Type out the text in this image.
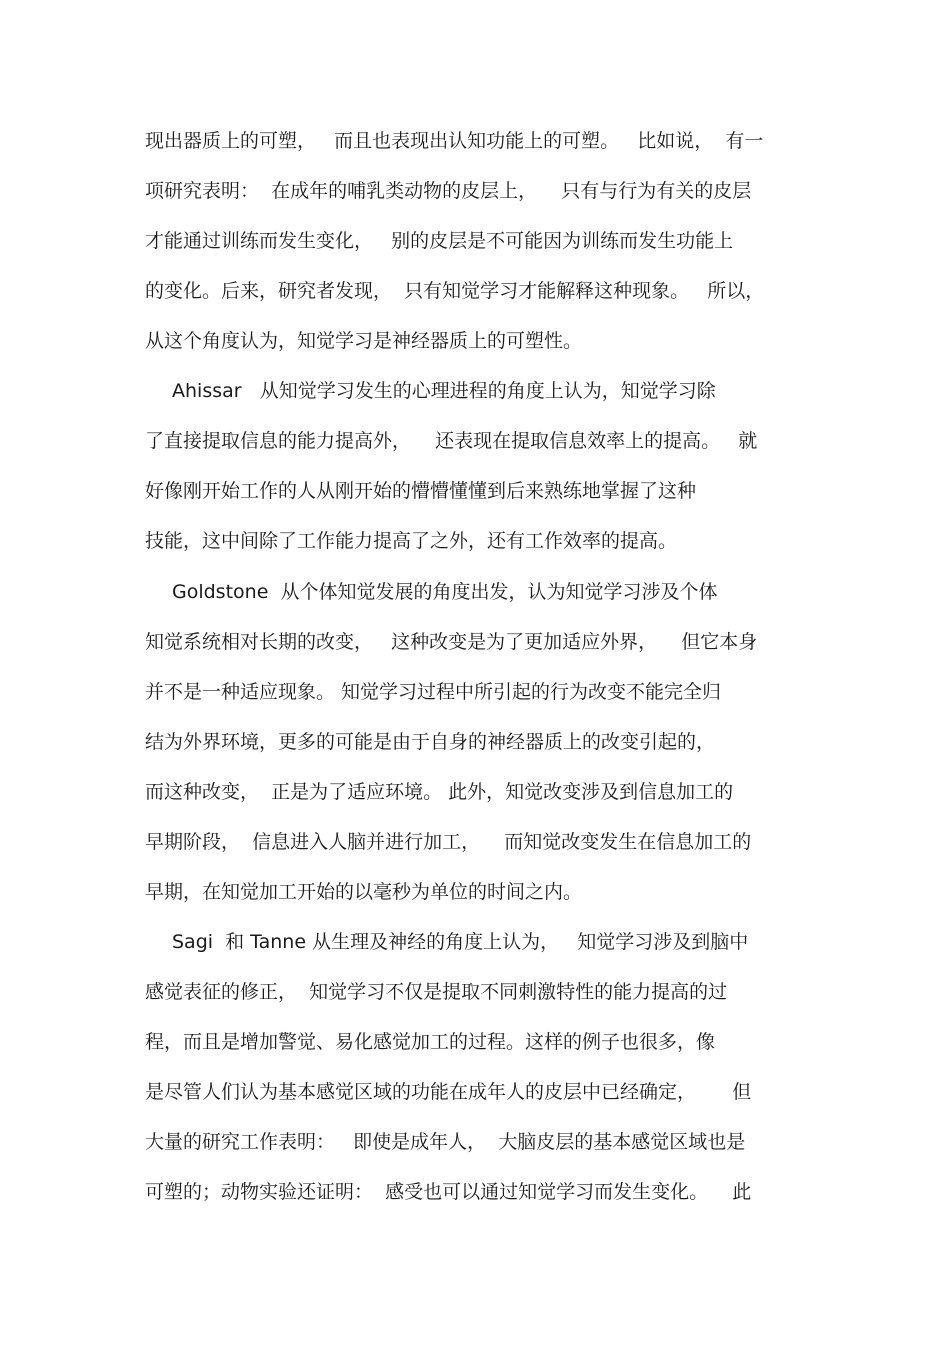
现出器质上的可塑，   而且也表现出认知功能上的可塑。   比如说，  有一
项研究表明：  在成年的哺乳类动物的皮层上，    只有与行为有关的皮层
才能通过训练而发生变化，   别的皮层是不可能因为训练而发生功能上
的变化。后来，研究者发现，  只有知觉学习才能解释这种现象。   所以，
从这个角度认为，知觉学习是神经器质上的可塑性。
Ahissar   从知觉学习发生的心理进程的角度上认为，知觉学习除
了直接提取信息的能力提高外，    还表现在提取信息效率上的提高。   就
好像刚开始工作的人从刚开始的懵懵懂懂到后来熟练地掌握了这种
技能，这中间除了工作能力提高了之外，还有工作效率的提高。
Goldstone  从个体知觉发展的角度出发，认为知觉学习涉及个体
知觉系统相对长期的改变，   这种改变是为了更加适应外界，    但它本身
并不是一种适应现象。 知觉学习过程中所引起的行为改变不能完全归
结为外界环境，更多的可能是由于自身的神经器质上的改变引起的，
而这种改变，  正是为了适应环境。 此外，知觉改变涉及到信息加工的
早期阶段，  信息进入人脑并进行加工，    而知觉改变发生在信息加工的
早期，在知觉加工开始的以毫秒为单位的时间之内。
Sagi  和 Tanne 从生理及神经的角度上认为，   知觉学习涉及到脑中
感觉表征的修正，  知觉学习不仅是提取不同刺激特性的能力提高的过
程，而且是增加警觉、易化感觉加工的过程。这样的例子也很多，像
是尽管人们认为基本感觉区域的功能在成年人的皮层中已经确定，      但
大量的研究工作表明：   即使是成年人，  大脑皮层的基本感觉区域也是
可塑的；动物实验还证明：  感受也可以通过知觉学习而发生变化。    此
